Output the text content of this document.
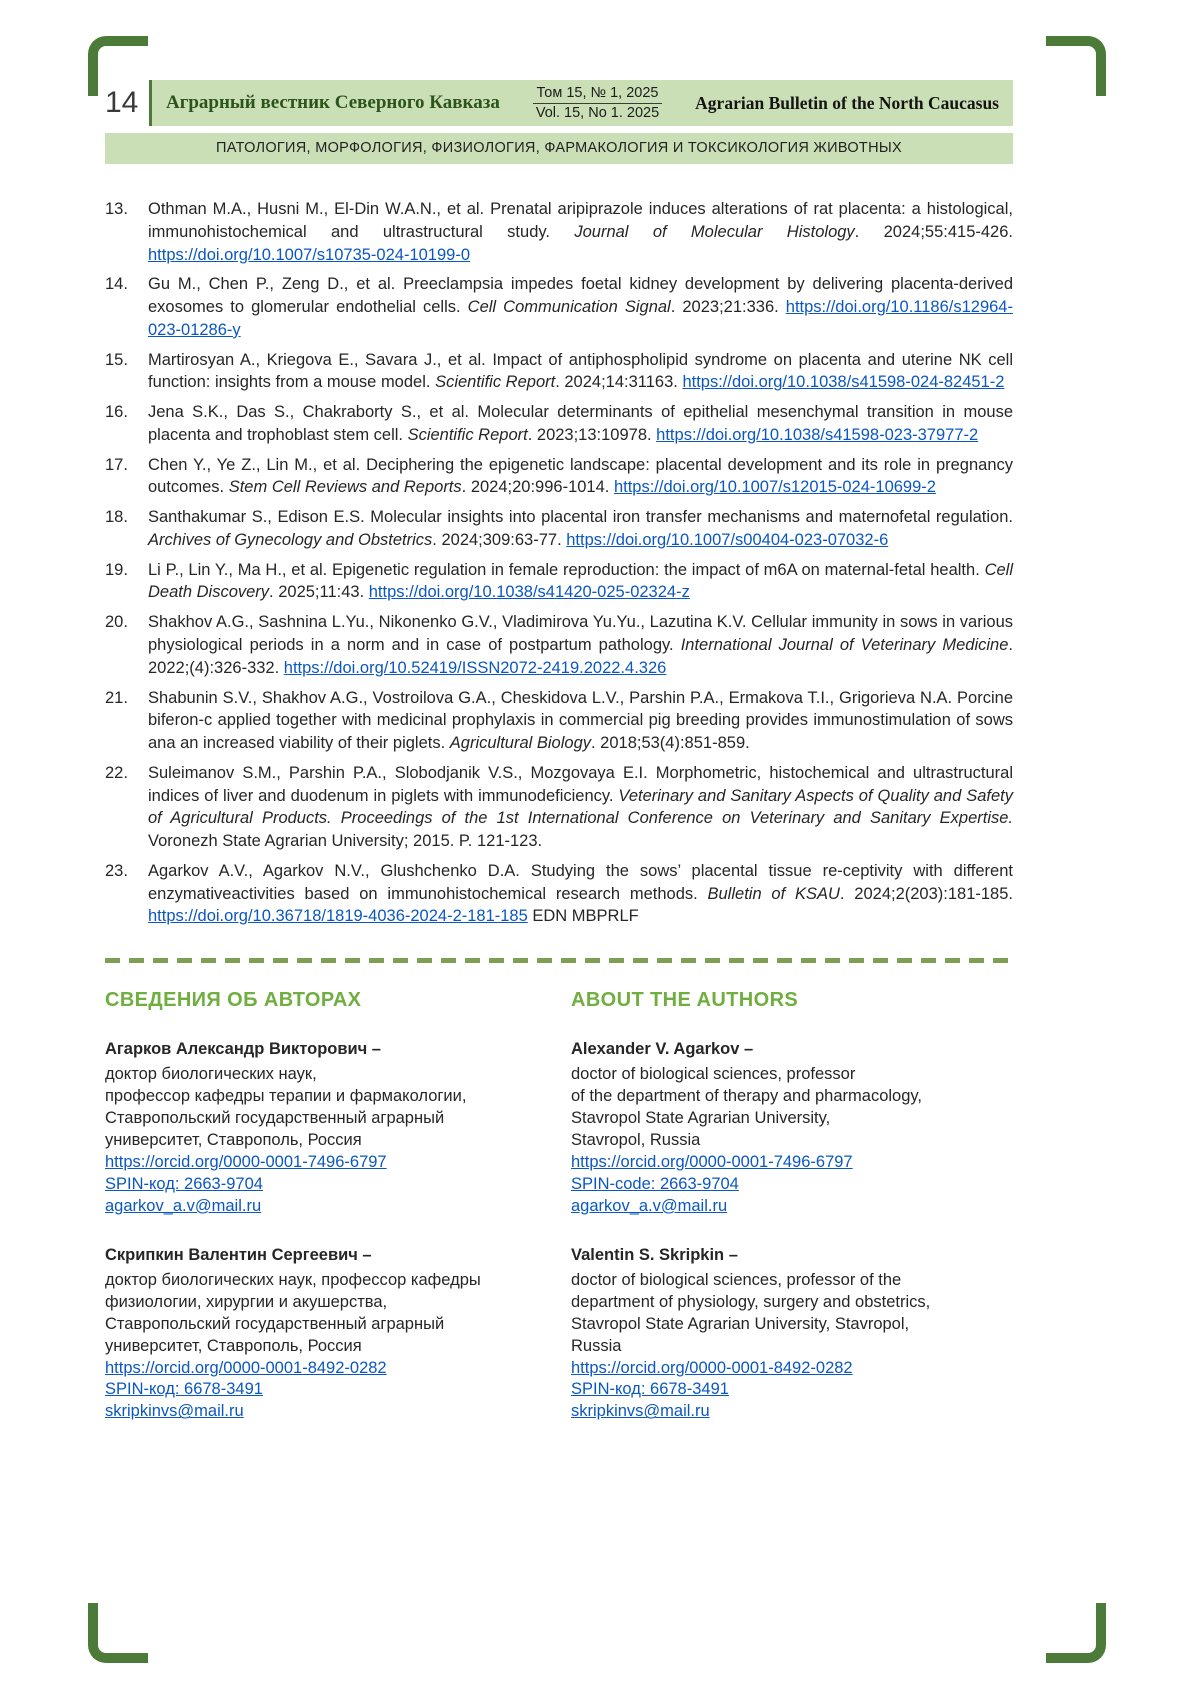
14	Аграрный вестник Северного Кавказа	Том 15, № 1, 2025
Vol. 15, No 1. 2025
Agrarian Bulletin of the North Caucasus
ПАТОЛОГИЯ, МОРФОЛОГИЯ, ФИЗИОЛОГИЯ, ФАРМАКОЛОГИЯ И ТОКСИКОЛОГИЯ ЖИВОТНЫХ
13.	Othman M.A., Husni M., El-Din W.A.N., et al. Prenatal aripiprazole induces alterations of rat placenta: a histological, immunohistochemical and ultrastructural study. Journal of Molecular Histology. 2024;55:415-426. https://doi.org/10.1007/s10735-024-10199-0
14.	Gu M., Chen P., Zeng D., et al. Preeclampsia impedes foetal kidney development by delivering placenta-derived exosomes to glomerular endothelial cells. Cell Communication Signal. 2023;21:336. https://doi.org/10.1186/s12964-023-01286-y
15.	Martirosyan A., Kriegova E., Savara J., et al. Impact of antiphospholipid syndrome on placenta and uterine NK cell function: insights from a mouse model. Scientific Report. 2024;14:31163. https://doi.org/10.1038/s41598-024-82451-2
16.	Jena S.K., Das S., Chakraborty S., et al. Molecular determinants of epithelial mesenchymal transition in mouse placenta and trophoblast stem cell. Scientific Report. 2023;13:10978. https://doi.org/10.1038/s41598-023-37977-2
17.	Chen Y., Ye Z., Lin M., et al. Deciphering the epigenetic landscape: placental development and its role in pregnancy outcomes. Stem Cell Reviews and Reports. 2024;20:996-1014. https://doi.org/10.1007/s12015-024-10699-2
18.	Santhakumar S., Edison E.S. Molecular insights into placental iron transfer mechanisms and maternofetal regulation. Archives of Gynecology and Obstetrics. 2024;309:63-77. https://doi.org/10.1007/s00404-023-07032-6
19.	Li P., Lin Y., Ma H., et al. Epigenetic regulation in female reproduction: the impact of m6A on maternal-fetal health. Cell Death Discovery. 2025;11:43. https://doi.org/10.1038/s41420-025-02324-z
20.	Shakhov A.G., Sashnina L.Yu., Nikonenko G.V., Vladimirova Yu.Yu., Lazutina K.V. Cellular immunity in sows in various physiological periods in a norm and in case of postpartum pathology. International Journal of Veterinary Medicine. 2022;(4):326-332. https://doi.org/10.52419/ISSN2072-2419.2022.4.326
21.	Shabunin S.V., Shakhov A.G., Vostroilova G.A., Cheskidova L.V., Parshin P.A., Ermakova T.I., Grigorieva N.A. Porcine biferon-c applied together with medicinal prophylaxis in commercial pig breeding provides immunostimulation of sows ana an increased viability of their piglets. Agricultural Biology. 2018;53(4):851-859.
22.	Suleimanov S.M., Parshin P.A., Slobodjanik V.S., Mozgovaya E.I. Morphometric, histochemical and ultrastructural indices of liver and duodenum in piglets with immunodeficiency. Veterinary and Sanitary Aspects of Quality and Safety of Agricultural Products. Proceedings of the 1st International Conference on Veterinary and Sanitary Expertise. Voronezh State Agrarian University; 2015. P. 121-123.
23.	Agarkov A.V., Agarkov N.V., Glushchenko D.A. Studying the sows’ placental tissue re-ceptivity with different enzymativeactivities based on immunohistochemical research methods. Bulletin of KSAU. 2024;2(203):181-185. https://doi.org/10.36718/1819-4036-2024-2-181-185 EDN MBPRLF
СВЕДЕНИЯ ОБ АВТОРАХ
Агарков Александр Викторович –
доктор биологических наук,
профессор кафедры терапии и фармакологии,
Ставропольский государственный аграрный
университет, Ставрополь, Россия
https://orcid.org/0000-0001-7496-6797
SPIN-код: 2663-9704
agarkov_a.v@mail.ru
Скрипкин Валентин Сергеевич –
доктор биологических наук, профессор кафедры
физиологии, хирургии и акушерства,
Ставропольский государственный аграрный
университет, Ставрополь, Россия
https://orcid.org/0000-0001-8492-0282
SPIN-код: 6678-3491
skripkinvs@mail.ru
ABOUT THE AUTHORS
Alexander V. Agarkov –
doctor of biological sciences, professor
of the department of therapy and pharmacology,
Stavropol State Agrarian University,
Stavropol, Russia
https://orcid.org/0000-0001-7496-6797
SPIN-code: 2663-9704
agarkov_a.v@mail.ru
Valentin S. Skripkin –
doctor of biological sciences, professor of the
department of physiology, surgery and obstetrics,
Stavropol State Agrarian University, Stavropol,
Russia
https://orcid.org/0000-0001-8492-0282
SPIN-код: 6678-3491
skripkinvs@mail.ru
